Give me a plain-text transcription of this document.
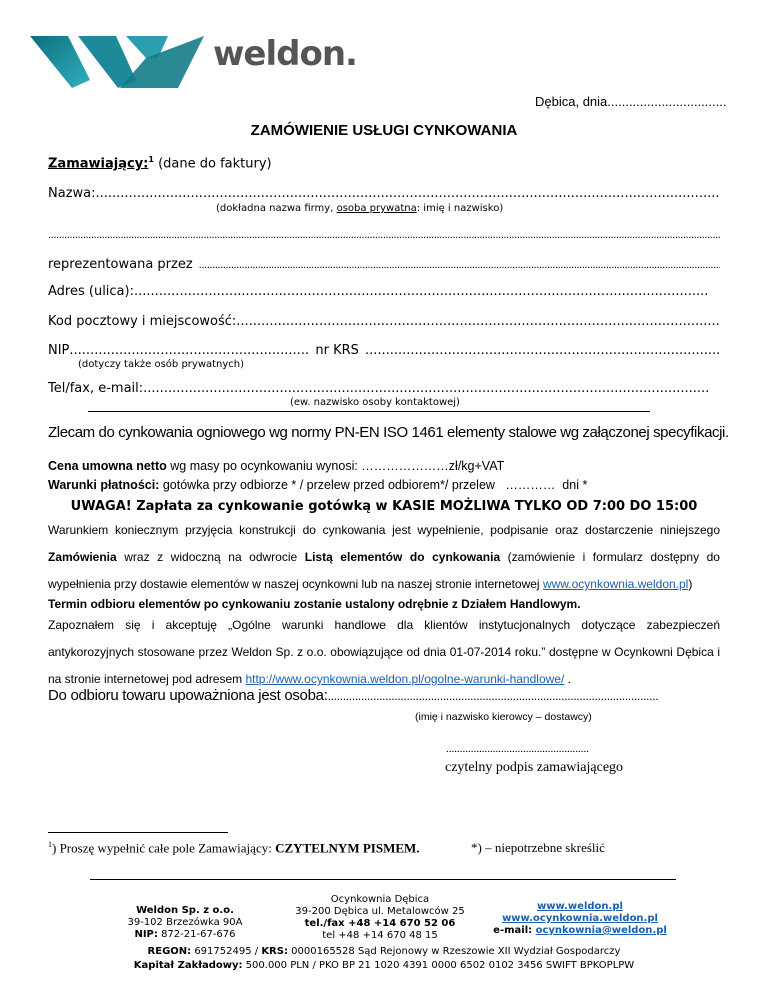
weldon.
Dębica, dnia.................................
ZAMÓWIENIE USŁUGI CYNKOWANIA
Zamawiający:$^1$ (dane do faktury)
Nazwa:
.....
(dokładna nazwa firmy, osoba prywatna: imię i nazwisko)
.....
reprezentowana przez
.....
Adres (ulica):
.....
Kod pocztowy i miejscowość:
.....
NIP
.....	nr KRS
.....
(dotyczy także osób prywatnych)
Tel/fax, e-mail:
.....
(ew. nazwisko osoby kontaktowej)
Zlecam do cynkowania ogniowego wg normy PN-EN ISO 1461 elementy stalowe wg załączonej specyfikacji.
Cena umowna netto wg masy po ocynkowaniu wynosi: …………………zł/kg+VAT
Warunki płatności: gotówka przy odbiorze * / przelew przed odbiorem*/ przelew   …………  dni *
UWAGA! Zapłata za cynkowanie gotówką w KASIE MOŻLIWA TYLKO OD 7:00 DO 15:00
Warunkiem koniecznym przyjęcia konstrukcji do cynkowania jest wypełnienie, podpisanie oraz dostarczenie niniejszego Zamówienia wraz z widoczną na odwrocie Listą elementów do cynkowania (zamówienie i formularz dostępny do wypełnienia przy dostawie elementów w naszej ocynkowni lub na naszej stronie internetowej www.ocynkownia.weldon.pl)
Termin odbioru elementów po cynkowaniu zostanie ustalony odrębnie z Działem Handlowym.
Zapoznałem się i akceptuję „Ogólne warunki handlowe dla klientów instytucjonalnych dotyczące zabezpieczeń antykorozyjnych stosowane przez Weldon Sp. z o.o. obowiązujące od dnia 01-07-2014 roku.” dostępne w Ocynkowni Dębica i na stronie internetowej pod adresem http://www.ocynkownia.weldon.pl/ogolne-warunki-handlowe/ .
Do odbioru towaru upoważniona jest osoba:
.....
(imię i nazwisko kierowcy – dostawcy)
....................................................
czytelny podpis zamawiającego
$^1$) Proszę wypełnić całe pole Zamawiający: CZYTELNYM PISMEM.	*) – niepotrzebne skreślić
Weldon Sp. z o.o.
39-102 Brzezówka 90A
NIP: 872-21-67-676
Ocynkownia Dębica
39-200 Dębica ul. Metalowców 25
tel./fax +48 +14 670 52 06
tel +48 +14 670 48 15
www.weldon.pl
www.ocynkownia.weldon.pl
e-mail: ocynkownia@weldon.pl
REGON: 691752495 / KRS: 0000165528 Sąd Rejonowy w Rzeszowie XII Wydział Gospodarczy
Kapitał Zakładowy: 500.000 PLN / PKO BP 21 1020 4391 0000 6502 0102 3456 SWIFT BPKOPLPW
